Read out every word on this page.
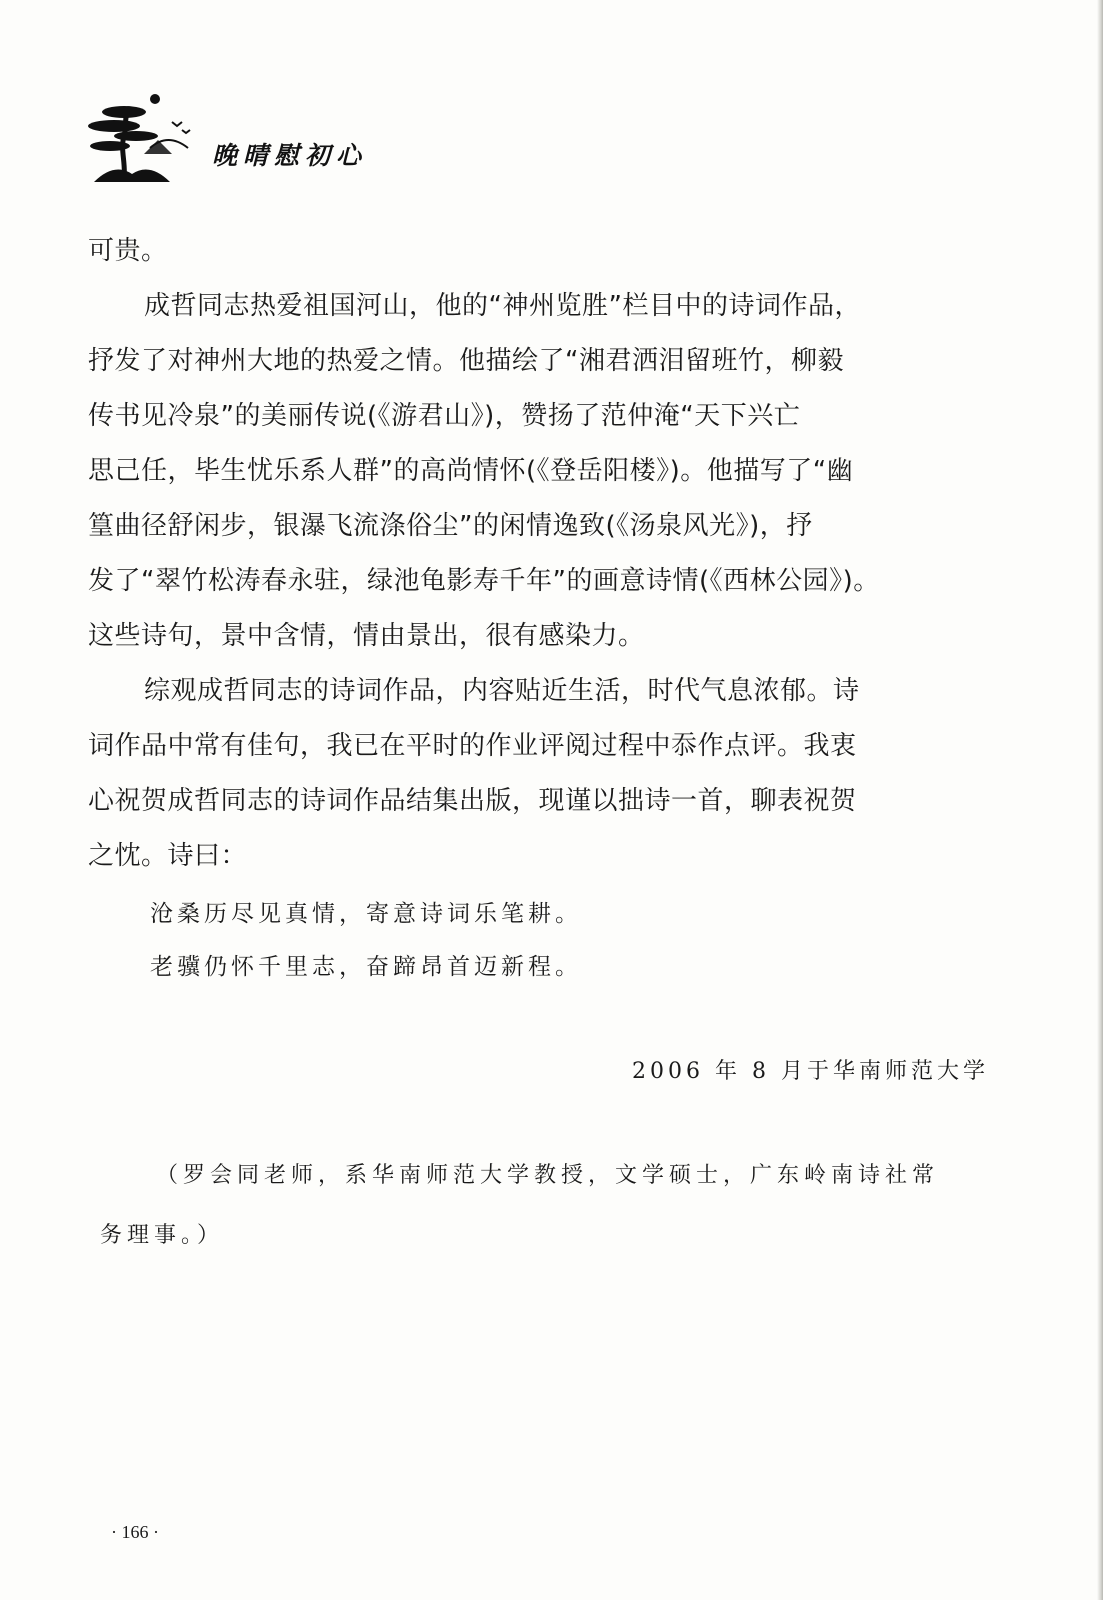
晚晴慰初心
可贵。
成哲同志热爱祖国河山，他的“神州览胜”栏目中的诗词作品，
抒发了对神州大地的热爱之情。他描绘了“湘君洒泪留班竹，柳毅
传书见冷泉”的美丽传说(《游君山》)，赞扬了范仲淹“天下兴亡
思己任，毕生忧乐系人群”的高尚情怀(《登岳阳楼》)。他描写了“幽
篁曲径舒闲步，银瀑飞流涤俗尘”的闲情逸致(《汤泉风光》)，抒
发了“翠竹松涛春永驻，绿池龟影寿千年”的画意诗情(《西林公园》)。
这些诗句，景中含情，情由景出，很有感染力。
综观成哲同志的诗词作品，内容贴近生活，时代气息浓郁。诗
词作品中常有佳句，我已在平时的作业评阅过程中忝作点评。我衷
心祝贺成哲同志的诗词作品结集出版，现谨以拙诗一首，聊表祝贺
之忱。诗曰：
沧桑历尽见真情，寄意诗词乐笔耕。
老骥仍怀千里志，奋蹄昂首迈新程。
2006 年 8 月于华南师范大学
（罗会同老师，系华南师范大学教授，文学硕士，广东岭南诗社常
务理事。）
· 166 ·
